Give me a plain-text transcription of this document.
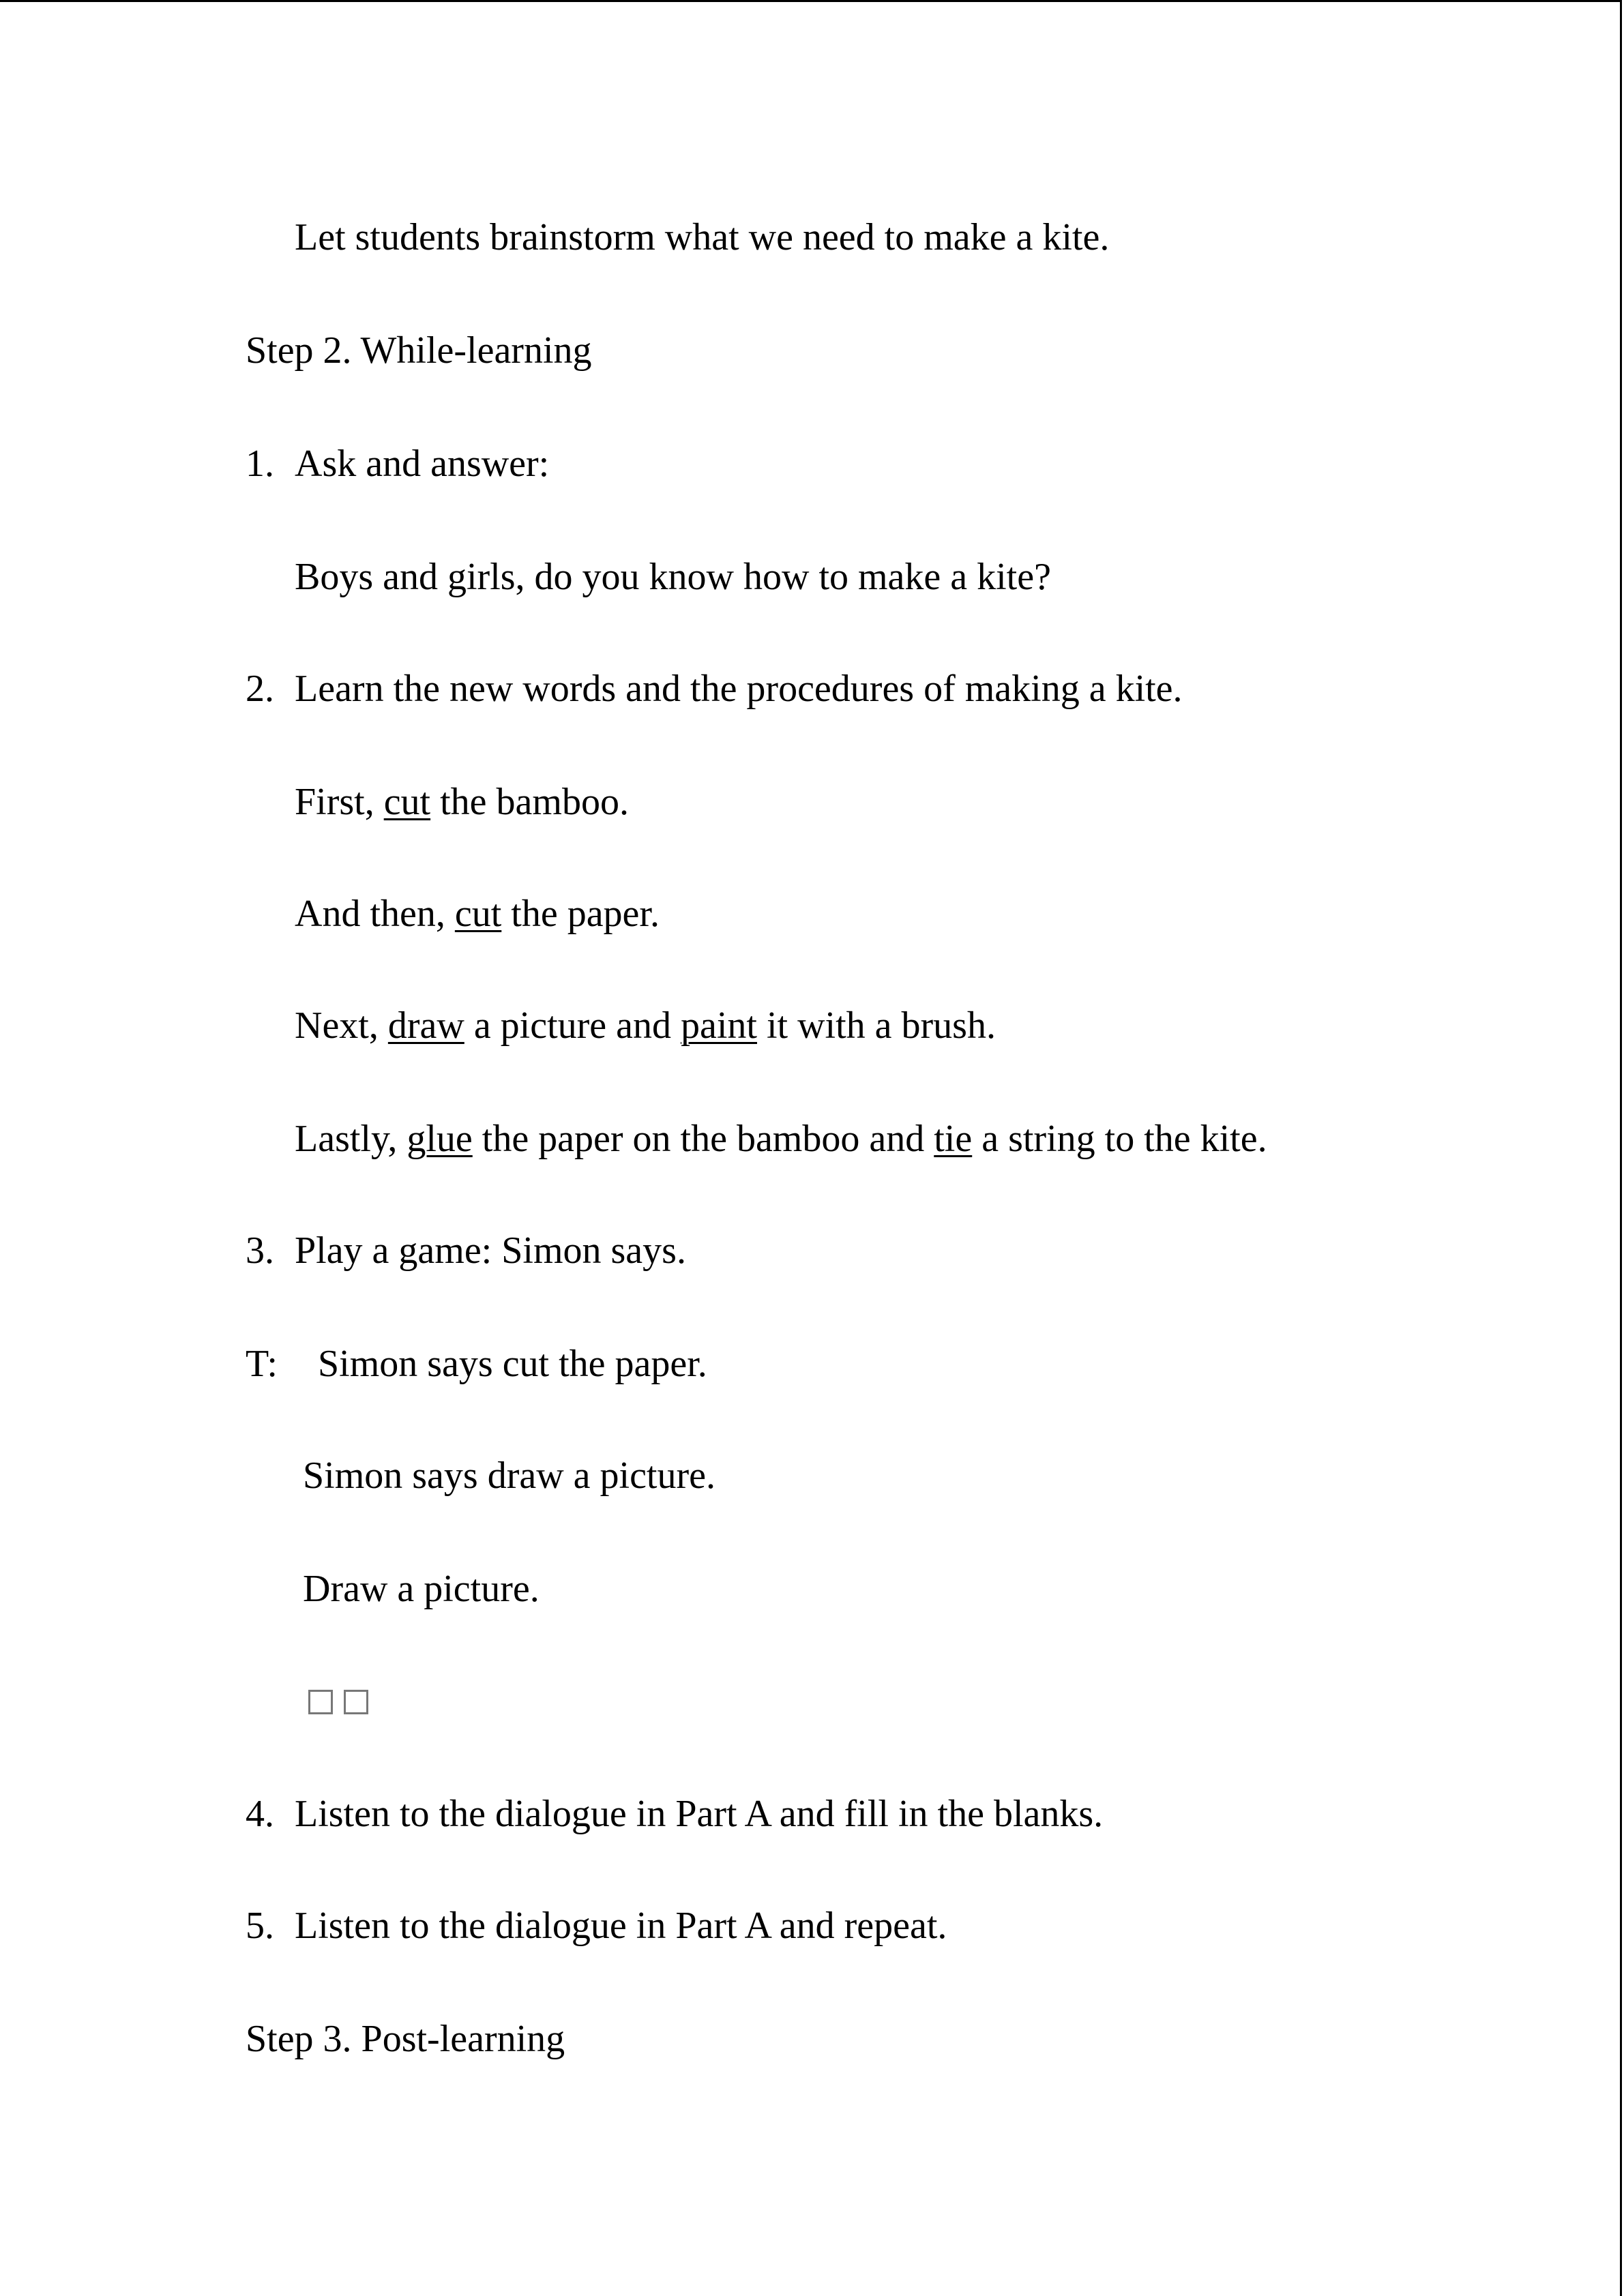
Let students brainstorm what we need to make a kite.
Step 2. While-learning
1. Ask and answer:
Boys and girls, do you know how to make a kite?
2. Learn the new words and the procedures of making a kite.
First, cut the bamboo.
And then, cut the paper.
Next, draw a picture and paint it with a brush.
Lastly, glue the paper on the bamboo and tie a string to the kite.
3. Play a game: Simon says.
T: Simon says cut the paper.
Simon says draw a picture.
Draw a picture.
4. Listen to the dialogue in Part A and fill in the blanks.
5. Listen to the dialogue in Part A and repeat.
Step 3. Post-learning
